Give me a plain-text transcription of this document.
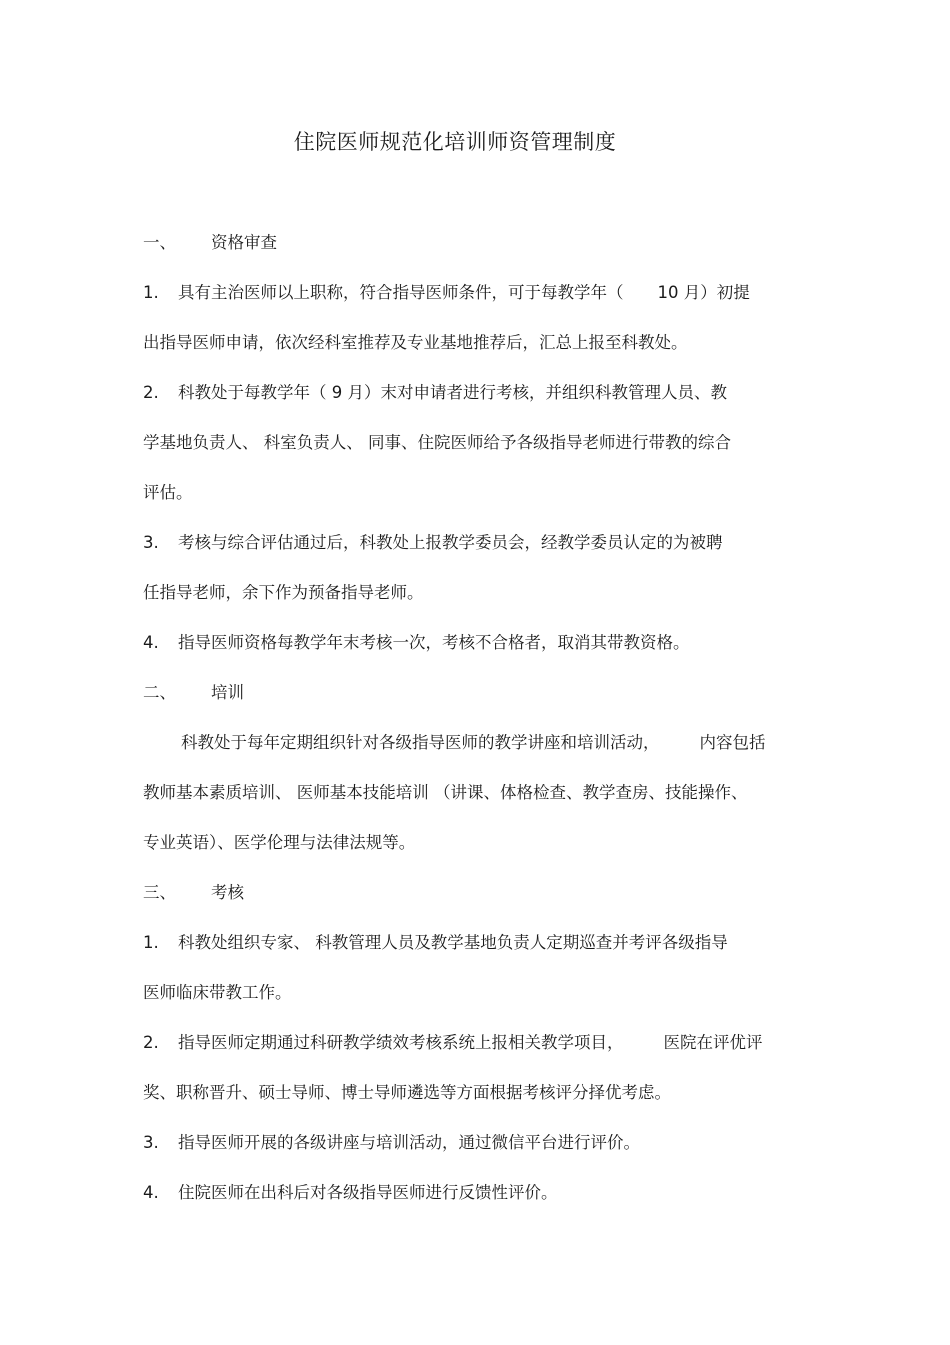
住院医师规范化培训师资管理制度
一、 资格审查
1. 具有主治医师以上职称，符合指导医师条件，可于每教学年（ 10 月）初提
出指导医师申请，依次经科室推荐及专业基地推荐后，汇总上报至科教处。
2. 科教处于每教学年（ 9 月）末对申请者进行考核，并组织科教管理人员、教
学基地负责人、 科室负责人、 同事、住院医师给予各级指导老师进行带教的综合
评估。
3. 考核与综合评估通过后，科教处上报教学委员会，经教学委员认定的为被聘
任指导老师，余下作为预备指导老师。
4. 指导医师资格每教学年末考核一次，考核不合格者，取消其带教资格。
二、 培训
科教处于每年定期组织针对各级指导医师的教学讲座和培训活动， 内容包括
教师基本素质培训、 医师基本技能培训 （讲课、体格检查、教学查房、技能操作、
专业英语）、医学伦理与法律法规等。
三、 考核
1. 科教处组织专家、 科教管理人员及教学基地负责人定期巡查并考评各级指导
医师临床带教工作。
2. 指导医师定期通过科研教学绩效考核系统上报相关教学项目， 医院在评优评
奖、职称晋升、硕士导师、博士导师遴选等方面根据考核评分择优考虑。
3. 指导医师开展的各级讲座与培训活动，通过微信平台进行评价。
4. 住院医师在出科后对各级指导医师进行反馈性评价。
